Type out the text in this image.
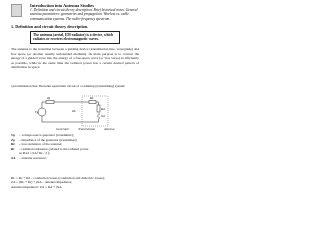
Introduction into Antenna Studies
1. Definition and circuit theory description. Brief historical notes. General antenna parameters: geometries and propagation. Wireless vs. cable communication systems. The radio-frequency spectrum.
1. Definition and circuit theory description.
The antenna (aerial, EM radiator) is a device, which radiates or receives electromagnetic waves.
The antenna is the transition between a guiding device (transmission line, waveguide) and free space (or another usually unbounded medium). Its main purpose is to convert the energy of a guided wave into the energy of a free-space wave (or vice versa) as efficiently as possible, while in the same time the radiated power has a certain desired pattern of distribution in space.
a) transmission line Thevenin equivalent circuit of a radiating (transmitting) system:
Vg
Zg	RL
RA
XA
ZA
Generator	Transmission	Antenna
Vg	– voltage-source generator (transmitter);
Zg	– impedance of the generator (transmitter);
RL	– loss resistance of the antenna;
Rr	– radiation resistance (related to the radiated power
as Prad = |IA|² Rr / 2 );
XA	– antenna reactance;
RL = Rc + Rd – conduction losses (conduction and dielectric losses);
ZA = (RL + Rr) + jXA – antenna impedance;
Antenna impedance: ZA = RA + jXA
